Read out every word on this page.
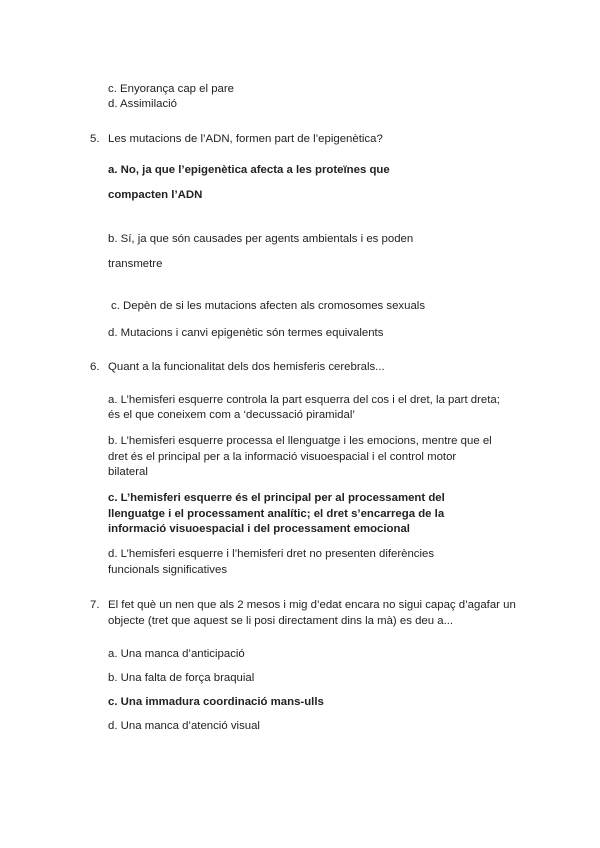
c. Enyorança cap el pare
d. Assimilació
5. Les mutacions de l’ADN, formen part de l’epigenètica?
a. No, ja que l’epigenètica afecta a les proteïnes que
compacten l’ADN
b. Sí, ja que són causades per agents ambientals i es poden
transmetre
c. Depèn de si les mutacions afecten als cromosomes sexuals
d. Mutacions i canvi epigenètic són termes equivalents
6. Quant a la funcionalitat dels dos hemisferis cerebrals...
a. L’hemisferi esquerre controla la part esquerra del cos i el dret, la part dreta;
és el que coneixem com a ‘decussació piramidal’
b. L’hemisferi esquerre processa el llenguatge i les emocions, mentre que el
dret és el principal per a la informació visuoespacial i el control motor
bilateral
c. L’hemisferi esquerre és el principal per al processament del
llenguatge i el processament analític; el dret s’encarrega de la
informació visuoespacial i del processament emocional
d. L’hemisferi esquerre i l’hemisferi dret no presenten diferències
funcionals significatives
7. El fet què un nen que als 2 mesos i mig d’edat encara no sigui capaç d’agafar un
objecte (tret que aquest se li posi directament dins la mà) es deu a...
a. Una manca d’anticipació
b. Una falta de força braquial
c. Una immadura coordinació mans-ulls
d. Una manca d’atenció visual
